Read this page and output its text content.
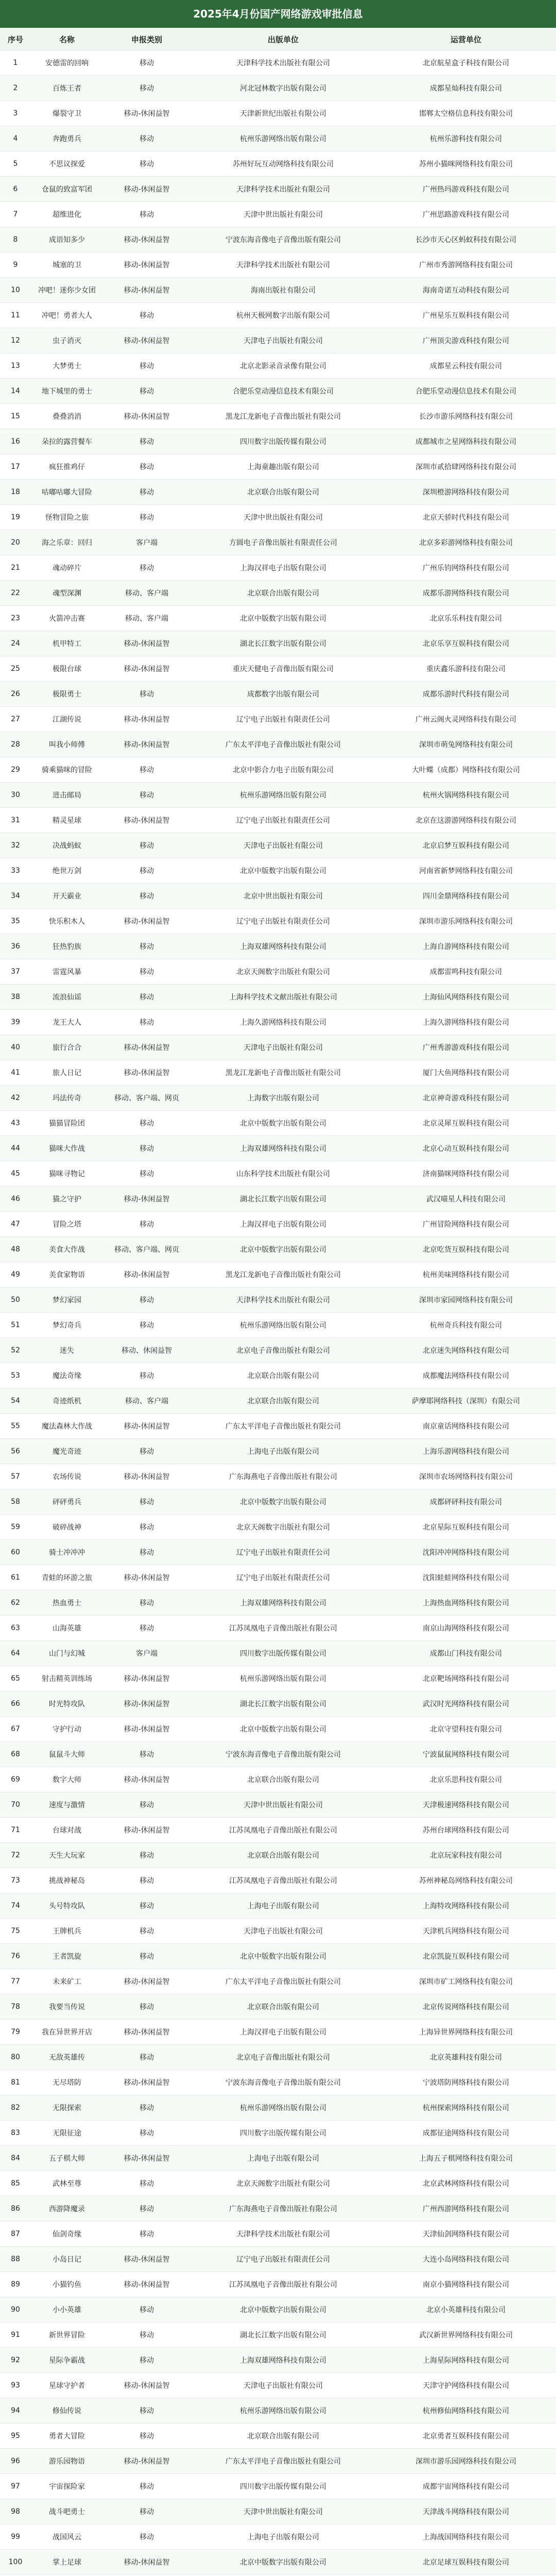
2025年4月份国产网络游戏审批信息
序号	名称	申报类别	出版单位	运营单位
1	安德雷的回响	移动	天津科学技术出版社有限公司	北京航星盒子科技有限公司
2	百炼王者	移动	河北冠林数字出版有限公司	成都星灿科技有限公司
3	爆裂守卫	移动-休闲益智	天津新世纪出版社有限公司	邯郸太空格信息科技有限公司
4	奔跑勇兵	移动	杭州乐游网络出版有限公司	杭州乐游科技有限公司
5	不思议探爱	移动	苏州好玩互动网络科技有限公司	苏州小猫咪网络科技有限公司
6	仓鼠的致富军团	移动-休闲益智	天津科学技术出版社有限公司	广州热玛游戏科技有限公司
7	超维进化	移动	天津中世出版社有限公司	广州思路游戏科技有限公司
8	成语知多少	移动-休闲益智	宁波东海音像电子音像出版有限公司	长沙市天心区蚂蚁科技有限公司
9	城塞的卫	移动-休闲益智	天津科学技术出版社有限公司	广州市秀游网络科技有限公司
10	冲吧！迷你少女团	移动-休闲益智	海南出版社有限公司	海南奇诺互动科技有限公司
11	冲吧！勇者大人	移动	杭州天极网数字出版有限公司	广州星乐互娱科技有限公司
12	虫子消灭	移动-休闲益智	天津电子出版社有限公司	广州顶尖游戏科技有限公司
13	大梦勇士	移动	北京北影录音录像有限公司	成都星云科技有限公司
14	地下城里的勇士	移动	合肥乐堂动漫信息技术有限公司	合肥乐堂动漫信息技术有限公司
15	叠叠消消	移动-休闲益智	黑龙江龙新电子音像出版社有限公司	长沙市游乐网络科技有限公司
16	朵拉的露营餐车	移动	四川数字出版传媒有限公司	成都城市之星网络科技有限公司
17	疯狂推鸡仔	移动	上海童趣出版有限公司	深圳市贰拾肆网络科技有限公司
18	咕嘟咕嘟大冒险	移动	北京联合出版有限公司	深圳橙游网络科技有限公司
19	怪物冒险之旅	移动	天津中世出版社有限公司	北京天骄时代科技有限公司
20	海之乐章：回归	客户端	方圆电子音像出版社有限责任公司	北京多彩游网络科技有限公司
21	魂动碎片	移动	上海汉祥电子出版有限公司	广州乐钧网络科技有限公司
22	魂型深渊	移动、客户端	北京联合出版有限公司	成都乐游网络科技有限公司
23	火箭冲击赛	移动、客户端	北京中版数字出版有限公司	北京乐乐科技有限公司
24	机甲特工	移动-休闲益智	湖北长江数字出版有限公司	北京乐享互娱科技有限公司
25	极限台球	移动-休闲益智	重庆天健电子音像出版有限公司	重庆鑫乐游科技有限公司
26	极限勇士	移动	成都数字出版有限公司	成都乐游时代科技有限公司
27	江湖传说	移动-休闲益智	辽宁电子出版社有限责任公司	广州云阁火灵网络科技有限公司
28	叫我小师傅	移动-休闲益智	广东太平洋电子音像出版社有限公司	深圳市萌兔网络科技有限公司
29	骑乘猫咪的冒险	移动	北京中影合力电子出版有限公司	大叶蝶（成都）网络科技有限公司
30	进击邮局	移动	杭州乐游网络出版有限公司	杭州火锅网络科技有限公司
31	精灵星球	移动-休闲益智	辽宁电子出版社有限责任公司	北京在这游游网络科技有限公司
32	决战蚂蚁	移动	天津电子出版社有限公司	北京启梦互娱科技有限公司
33	绝世万剑	移动	北京中版数字出版有限公司	河南省新梦网络科技有限公司
34	开天霸业	移动	北京中世出版社有限公司	四川金鼎网络科技有限公司
35	快乐积木人	移动-休闲益智	辽宁电子出版社有限责任公司	深圳市游乐网络科技有限公司
36	狂热豹族	移动	上海双雄网络科技有限公司	上海自游网络科技有限公司
37	雷霆风暴	移动	北京天阁数字出版社有限公司	成都雷鸣科技有限公司
38	流浪仙谣	移动	上海科学技术文献出版社有限公司	上海仙风网络科技有限公司
39	龙王大人	移动	上海久游网络科技有限公司	上海久游网络科技有限公司
40	旅行合合	移动-休闲益智	天津电子出版社有限公司	广州秀游游戏科技有限公司
41	旅人日记	移动-休闲益智	黑龙江龙新电子音像出版社有限公司	厦门大鱼网络科技有限公司
42	玛法传奇	移动、客户端、网页	上海数字出版有限公司	北京神奇游戏科技有限公司
43	猫猫冒险团	移动	北京中版数字出版有限公司	北京灵犀互娱科技有限公司
44	猫咪大作战	移动	上海双雄网络科技有限公司	北京心动互娱科技有限公司
45	猫咪寻物记	移动	山东科学技术出版社有限公司	济南猫咪网络科技有限公司
46	猫之守护	移动-休闲益智	湖北长江数字出版有限公司	武汉喵星人科技有限公司
47	冒险之塔	移动	上海汉祥电子出版有限公司	广州冒险网络科技有限公司
48	美食大作战	移动、客户端、网页	北京中版数字出版有限公司	北京吃货互娱科技有限公司
49	美食家物语	移动-休闲益智	黑龙江龙新电子音像出版社有限公司	杭州美味网络科技有限公司
50	梦幻家园	移动	天津科学技术出版社有限公司	深圳市家园网络科技有限公司
51	梦幻奇兵	移动	杭州乐游网络出版有限公司	杭州奇兵科技有限公司
52	迷失	移动、休闲益智	北京电子音像出版社有限公司	北京迷失网络科技有限公司
53	魔法奇缘	移动	北京联合出版有限公司	成都魔法网络科技有限公司
54	奇迹纸机	移动、客户端	北京联合出版有限公司	萨摩耶网络科技（深圳）有限公司
55	魔法森林大作战	移动-休闲益智	广东太平洋电子音像出版社有限公司	南京童话网络科技有限公司
56	魔光奇迹	移动	上海电子出版有限公司	上海乐游网络科技有限公司
57	农场传说	移动-休闲益智	广东海燕电子音像出版社有限公司	深圳市农场网络科技有限公司
58	砰砰勇兵	移动	北京中版数字出版有限公司	成都砰砰科技有限公司
59	破碎战神	移动	北京天阁数字出版社有限公司	北京星际互娱科技有限公司
60	骑士冲冲冲	移动	辽宁电子出版社有限责任公司	沈阳冲冲网络科技有限公司
61	青蛙的环游之旅	移动-休闲益智	辽宁电子出版社有限责任公司	沈阳蛙蛙网络科技有限公司
62	热血勇士	移动	上海双雄网络科技有限公司	上海热血网络科技有限公司
63	山海英雄	移动	江苏凤凰电子音像出版社有限公司	南京山海网络科技有限公司
64	山门与幻城	客户端	四川数字出版传媒有限公司	成都山门科技有限公司
65	射击精英训练场	移动-休闲益智	杭州乐游网络出版有限公司	北京靶场网络科技有限公司
66	时光特攻队	移动-休闲益智	湖北长江数字出版有限公司	武汉时光网络科技有限公司
67	守护行动	移动-休闲益智	北京中版数字出版有限公司	北京守望科技有限公司
68	鼠鼠斗大师	移动	宁波东海音像电子音像出版有限公司	宁波鼠鼠网络科技有限公司
69	数字大师	移动-休闲益智	北京联合出版有限公司	北京乐思科技有限公司
70	速度与激情	移动	天津中世出版社有限公司	天津极速网络科技有限公司
71	台球对战	移动-休闲益智	江苏凤凰电子音像出版社有限公司	苏州台球网络科技有限公司
72	天生大玩家	移动	北京联合出版有限公司	北京玩家科技有限公司
73	挑战神秘岛	移动	江苏凤凰电子音像出版社有限公司	苏州神秘岛网络科技有限公司
74	头号特攻队	移动	上海电子出版有限公司	上海特攻网络科技有限公司
75	王牌机兵	移动	天津电子出版社有限公司	天津机兵网络科技有限公司
76	王者凯旋	移动	北京中版数字出版有限公司	北京凯旋互娱科技有限公司
77	未来矿工	移动-休闲益智	广东太平洋电子音像出版社有限公司	深圳市矿工网络科技有限公司
78	我要当传说	移动	北京联合出版有限公司	北京传说网络科技有限公司
79	我在异世界开店	移动-休闲益智	上海汉祥电子出版有限公司	上海异世界网络科技有限公司
80	无敌英雄传	移动	北京电子音像出版社有限公司	北京英雄科技有限公司
81	无尽塔防	移动-休闲益智	宁波东海音像电子音像出版有限公司	宁波塔防网络科技有限公司
82	无限探索	移动	杭州乐游网络出版有限公司	杭州探索网络科技有限公司
83	无限征途	移动	四川数字出版传媒有限公司	成都征途网络科技有限公司
84	五子棋大师	移动-休闲益智	上海电子出版有限公司	上海五子棋网络科技有限公司
85	武林至尊	移动	北京天阁数字出版社有限公司	北京武林网络科技有限公司
86	西游降魔录	移动	广东海燕电子音像出版社有限公司	广州西游网络科技有限公司
87	仙剑奇缘	移动	天津科学技术出版社有限公司	天津仙剑网络科技有限公司
88	小岛日记	移动-休闲益智	辽宁电子出版社有限责任公司	大连小岛网络科技有限公司
89	小猫钓鱼	移动-休闲益智	江苏凤凰电子音像出版社有限公司	南京小猫网络科技有限公司
90	小小英雄	移动	北京中版数字出版有限公司	北京小英雄科技有限公司
91	新世界冒险	移动	湖北长江数字出版有限公司	武汉新世界网络科技有限公司
92	星际争霸战	移动	上海双雄网络科技有限公司	上海星际网络科技有限公司
93	星球守护者	移动-休闲益智	天津电子出版社有限公司	天津守护网络科技有限公司
94	修仙传说	移动	杭州乐游网络出版有限公司	杭州修仙网络科技有限公司
95	勇者大冒险	移动	北京联合出版有限公司	北京勇者互娱科技有限公司
96	游乐园物语	移动-休闲益智	广东太平洋电子音像出版社有限公司	深圳市游乐园网络科技有限公司
97	宇宙探险家	移动	四川数字出版传媒有限公司	成都宇宙网络科技有限公司
98	战斗吧勇士	移动	天津中世出版社有限公司	天津战斗网络科技有限公司
99	战国风云	移动	上海电子出版有限公司	上海战国网络科技有限公司
100	掌上足球	移动-休闲益智	北京中版数字出版有限公司	北京足球互娱科技有限公司
